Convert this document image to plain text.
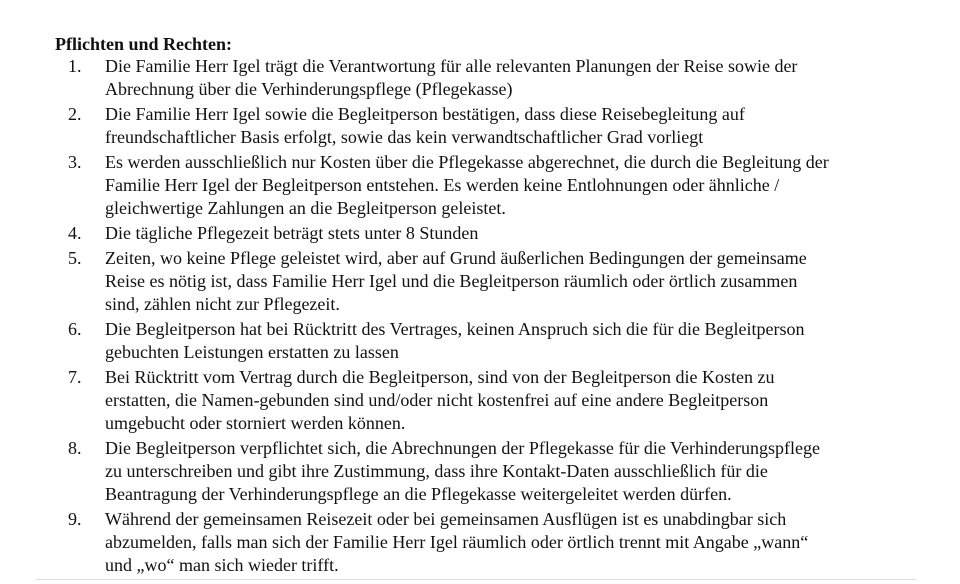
Pflichten und Rechten:
1.	Die Familie Herr Igel trägt die Verantwortung für alle relevanten Planungen der Reise sowie der
Abrechnung über die Verhinderungspflege (Pflegekasse)
2.	Die Familie Herr Igel sowie die Begleitperson bestätigen, dass diese Reisebegleitung auf
freundschaftlicher Basis erfolgt, sowie das kein verwandtschaftlicher Grad vorliegt
3.	Es werden ausschließlich nur Kosten über die Pflegekasse abgerechnet, die durch die Begleitung der
Familie Herr Igel der Begleitperson entstehen. Es werden keine Entlohnungen oder ähnliche /
gleichwertige Zahlungen an die Begleitperson geleistet.
4.	Die tägliche Pflegezeit beträgt stets unter 8 Stunden
5.	Zeiten, wo keine Pflege geleistet wird, aber auf Grund äußerlichen Bedingungen der gemeinsame
Reise es nötig ist, dass Familie Herr Igel und die Begleitperson räumlich oder örtlich zusammen
sind, zählen nicht zur Pflegezeit.
6.	Die Begleitperson hat bei Rücktritt des Vertrages, keinen Anspruch sich die für die Begleitperson
gebuchten Leistungen erstatten zu lassen
7.	Bei Rücktritt vom Vertrag durch die Begleitperson, sind von der Begleitperson die Kosten zu
erstatten, die Namen-gebunden sind und/oder nicht kostenfrei auf eine andere Begleitperson
umgebucht oder storniert werden können.
8.	Die Begleitperson verpflichtet sich, die Abrechnungen der Pflegekasse für die Verhinderungspflege
zu unterschreiben und gibt ihre Zustimmung, dass ihre Kontakt-Daten ausschließlich für die
Beantragung der Verhinderungspflege an die Pflegekasse weitergeleitet werden dürfen.
9.	Während der gemeinsamen Reisezeit oder bei gemeinsamen Ausflügen ist es unabdingbar sich
abzumelden, falls man sich der Familie Herr Igel räumlich oder örtlich trennt mit Angabe „wann“
und „wo“ man sich wieder trifft.
